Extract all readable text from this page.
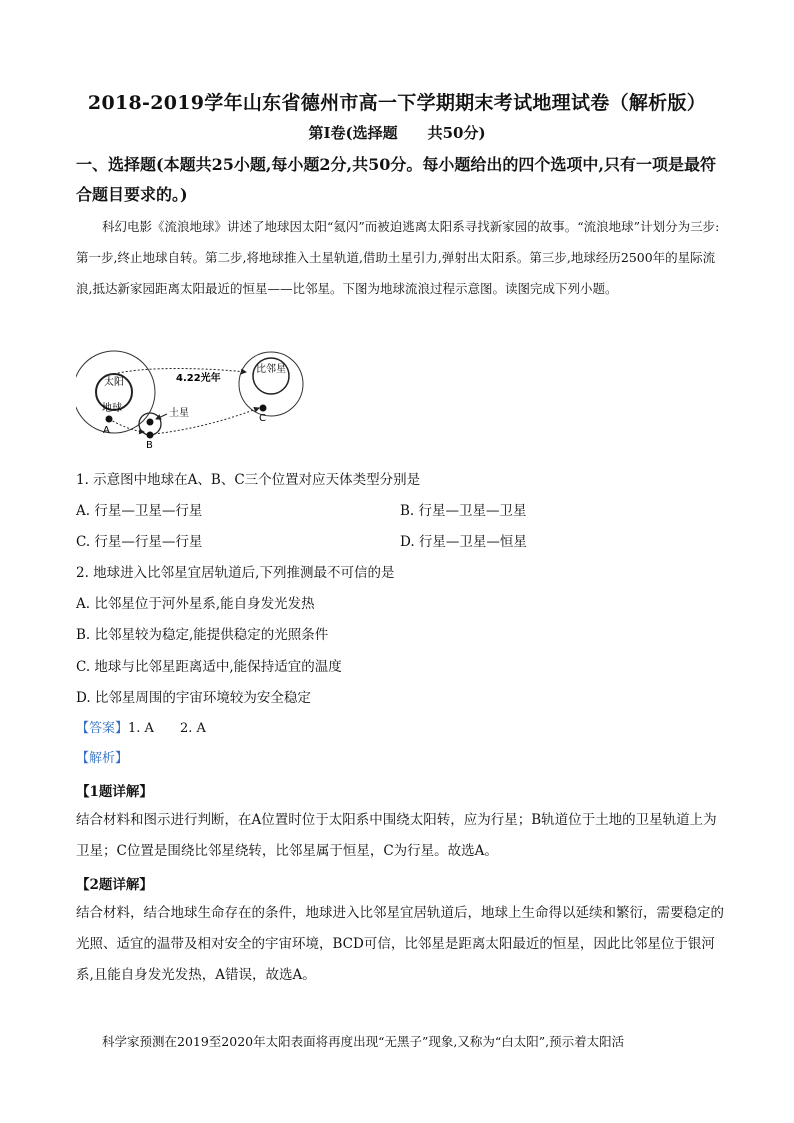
2018-2019学年山东省德州市高一下学期期末考试地理试卷（解析版）
第Ⅰ卷(选择题　　共50分)
一、选择题(本题共25小题,每小题2分,共50分。每小题给出的四个选项中,只有一项是最符合题目要求的。)
科幻电影《流浪地球》讲述了地球因太阳“氦闪”而被迫逃离太阳系寻找新家园的故事。“流浪地球”计划分为三步:第一步,终止地球自转。第二步,将地球推入土星轨道,借助土星引力,弹射出太阳系。第三步,地球经历2500年的星际流浪,抵达新家园距离太阳最近的恒星——比邻星。下图为地球流浪过程示意图。读图完成下列小题。
太阳
地球
4.22光年
土星
比邻星
A
B
C
1. 示意图中地球在A、B、C三个位置对应天体类型分别是
A. 行星—卫星—行星	B. 行星—卫星—卫星
C. 行星—行星—行星	D. 行星—卫星—恒星
2. 地球进入比邻星宜居轨道后,下列推测最不可信的是
A. 比邻星位于河外星系,能自身发光发热
B. 比邻星较为稳定,能提供稳定的光照条件
C. 地球与比邻星距离适中,能保持适宜的温度
D. 比邻星周围的宇宙环境较为安全稳定
【答案】1. A　　2. A
【解析】
【1题详解】
结合材料和图示进行判断，在A位置时位于太阳系中围绕太阳转，应为行星；B轨道位于土地的卫星轨道上为卫星；C位置是围绕比邻星绕转，比邻星属于恒星，C为行星。故选A。
【2题详解】
结合材料，结合地球生命存在的条件，地球进入比邻星宜居轨道后，地球上生命得以延续和繁衍，需要稳定的光照、适宜的温带及相对安全的宇宙环境，BCD可信，比邻星是距离太阳最近的恒星，因此比邻星位于银河系,且能自身发光发热，A错误，故选A。
科学家预测在2019至2020年太阳表面将再度出现“无黑子”现象,又称为“白太阳”,预示着太阳活
